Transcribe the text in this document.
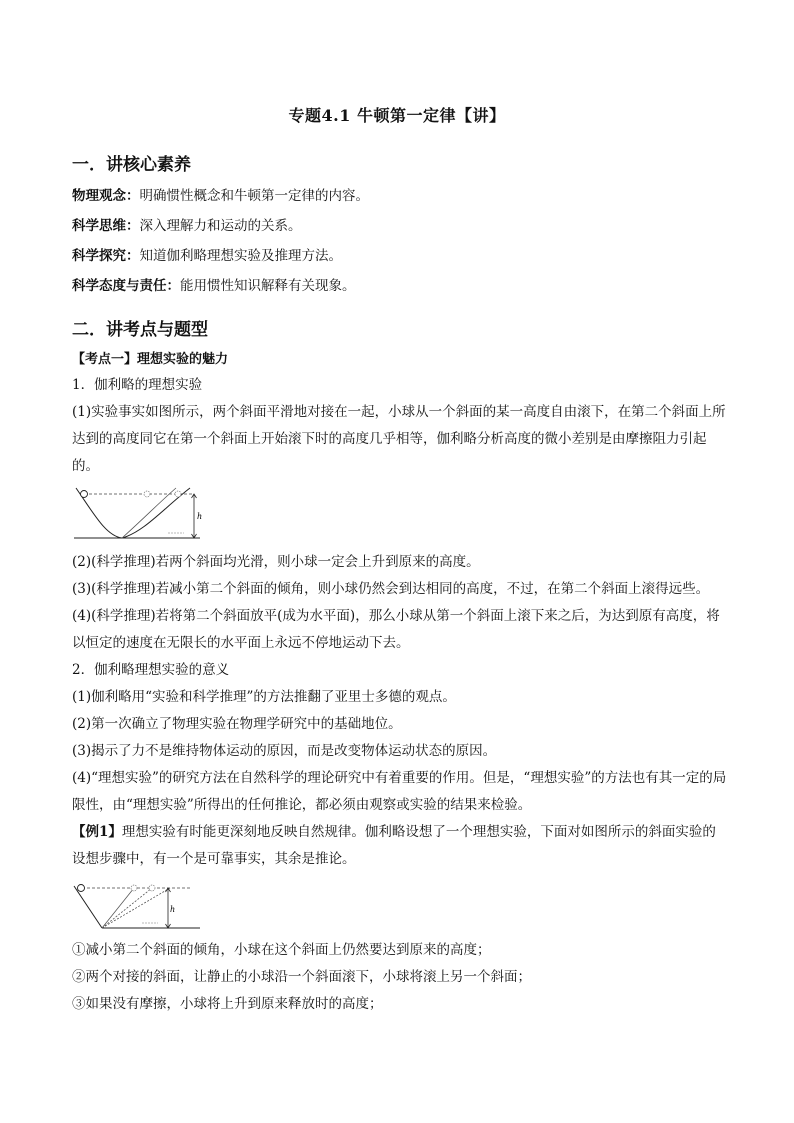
专题4.1 牛顿第一定律【讲】
一．讲核心素养
物理观念：明确惯性概念和牛顿第一定律的内容。
科学思维：深入理解力和运动的关系。
科学探究：知道伽利略理想实验及推理方法。
科学态度与责任：能用惯性知识解释有关现象。
二．讲考点与题型
【考点一】理想实验的魅力
1．伽利略的理想实验
(1)实验事实如图所示，两个斜面平滑地对接在一起，小球从一个斜面的某一高度自由滚下，在第二个斜面上所达到的高度同它在第一个斜面上开始滚下时的高度几乎相等，伽利略分析高度的微小差别是由摩擦阻力引起的。
h
(2)(科学推理)若两个斜面均光滑，则小球一定会上升到原来的高度。
(3)(科学推理)若减小第二个斜面的倾角，则小球仍然会到达相同的高度，不过，在第二个斜面上滚得远些。
(4)(科学推理)若将第二个斜面放平(成为水平面)，那么小球从第一个斜面上滚下来之后，为达到原有高度，将以恒定的速度在无限长的水平面上永远不停地运动下去。
2．伽利略理想实验的意义
(1)伽利略用“实验和科学推理”的方法推翻了亚里士多德的观点。
(2)第一次确立了物理实验在物理学研究中的基础地位。
(3)揭示了力不是维持物体运动的原因，而是改变物体运动状态的原因。
(4)“理想实验”的研究方法在自然科学的理论研究中有着重要的作用。但是，“理想实验”的方法也有其一定的局限性，由“理想实验”所得出的任何推论，都必须由观察或实验的结果来检验。
【例1】理想实验有时能更深刻地反映自然规律。伽利略设想了一个理想实验，下面对如图所示的斜面实验的设想步骤中，有一个是可靠事实，其余是推论。
h
①减小第二个斜面的倾角，小球在这个斜面上仍然要达到原来的高度；
②两个对接的斜面，让静止的小球沿一个斜面滚下，小球将滚上另一个斜面；
③如果没有摩擦，小球将上升到原来释放时的高度；
